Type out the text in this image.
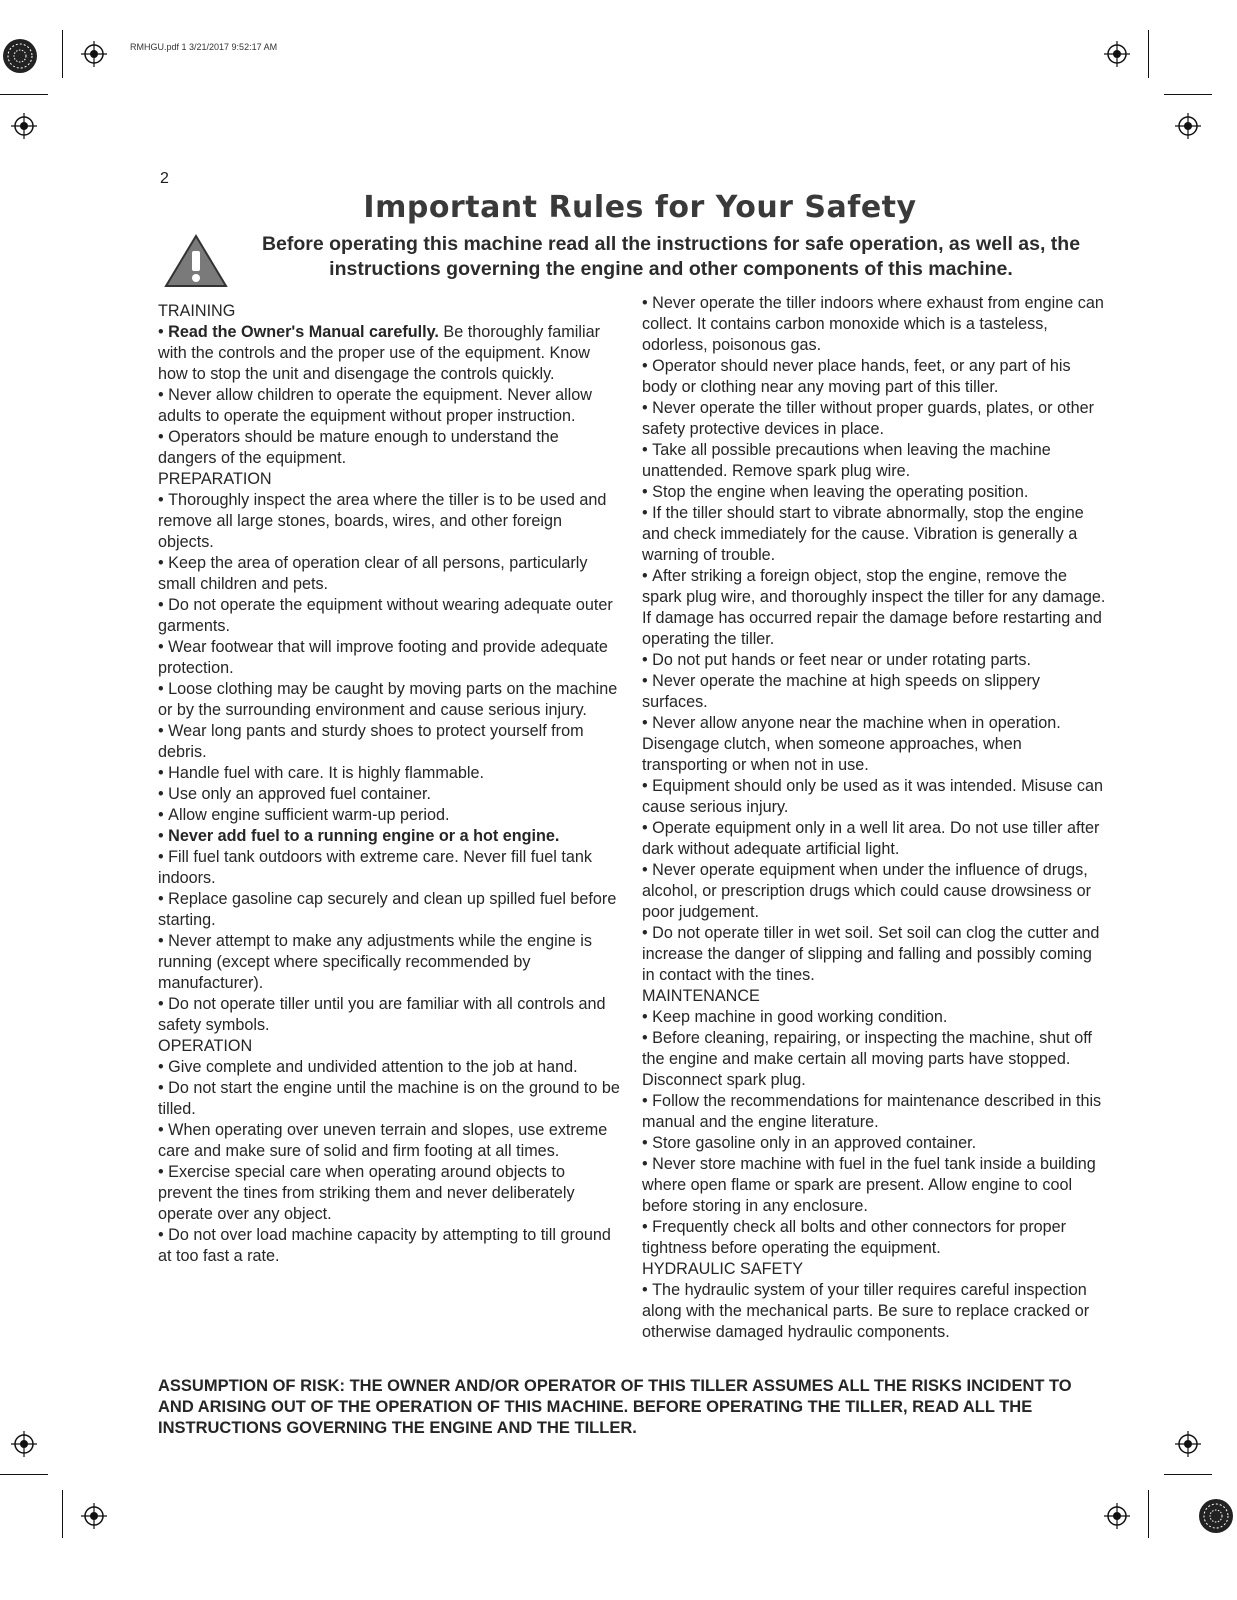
RMHGU.pdf 1 3/21/2017 9:52:17 AM
2
Important Rules for Your Safety
Before operating this machine read all the instructions for safe operation, as well as, the instructions governing the engine and other components of this machine.

TRAINING

• Read the Owner's Manual carefully. Be thoroughly familiar with the controls and the proper use of the equipment. Know how to stop the unit and disengage the controls quickly.

• Never allow children to operate the equipment. Never allow adults to operate the equipment without proper instruction.

• Operators should be mature enough to understand the dangers of the equipment.

PREPARATION

• Thoroughly inspect the area where the tiller is to be used and remove all large stones, boards, wires, and other foreign objects.

• Keep the area of operation clear of all persons, particularly small children and pets.

• Do not operate the equipment without wearing adequate outer garments.

• Wear footwear that will improve footing and provide adequate protection.

• Loose clothing may be caught by moving parts on the machine or by the surrounding environment and cause serious injury.

• Wear long pants and sturdy shoes to protect yourself from debris.

• Handle fuel with care. It is highly flammable.

• Use only an approved fuel container.

• Allow engine sufficient warm-up period.

• Never add fuel to a running engine or a hot engine.

• Fill fuel tank outdoors with extreme care. Never fill fuel tank indoors.

• Replace gasoline cap securely and clean up spilled fuel before starting.

• Never attempt to make any adjustments while the engine is running (except where specifically recommended by manufacturer).

• Do not operate tiller until you are familiar with all controls and safety symbols.

OPERATION

• Give complete and undivided attention to the job at hand.

• Do not start the engine until the machine is on the ground to be tilled.

• When operating over uneven terrain and slopes, use extreme care and make sure of solid and firm footing at all times.

• Exercise special care when operating around objects to prevent the tines from striking them and never deliberately operate over any object.

• Do not over load machine capacity by attempting to till ground at too fast a rate.

• Never operate the tiller indoors where exhaust from engine can collect. It contains carbon monoxide which is a tasteless, odorless, poisonous gas.

• Operator should never place hands, feet, or any part of his body or clothing near any moving part of this tiller.

• Never operate the tiller without proper guards, plates, or other safety protective devices in place.

• Take all possible precautions when leaving the machine unattended. Remove spark plug wire.

• Stop the engine when leaving the operating position.

• If the tiller should start to vibrate abnormally, stop the engine and check immediately for the cause. Vibration is generally a warning of trouble.

• After striking a foreign object, stop the engine, remove the spark plug wire, and thoroughly inspect the tiller for any damage. If damage has occurred repair the damage before restarting and operating the tiller.

• Do not put hands or feet near or under rotating parts.

• Never operate the machine at high speeds on slippery surfaces.

• Never allow anyone near the machine when in operation. Disengage clutch, when someone approaches, when transporting or when not in use.

• Equipment should only be used as it was intended. Misuse can cause serious injury.

• Operate equipment only in a well lit area. Do not use tiller after dark without adequate artificial light.

• Never operate equipment when under the influence of drugs, alcohol, or prescription drugs which could cause drowsiness or poor judgement.

• Do not operate tiller in wet soil. Set soil can clog the cutter and increase the danger of slipping and falling and possibly coming in contact with the tines.

MAINTENANCE

• Keep machine in good working condition.

• Before cleaning, repairing, or inspecting the machine, shut off the engine and make certain all moving parts have stopped. Disconnect spark plug.

• Follow the recommendations for maintenance described in this manual and the engine literature.

• Store gasoline only in an approved container.

• Never store machine with fuel in the fuel tank inside a building where open flame or spark are present. Allow engine to cool before storing in any enclosure.

• Frequently check all bolts and other connectors for proper tightness before operating the equipment.

HYDRAULIC SAFETY

• The hydraulic system of your tiller requires careful inspection along with the mechanical parts. Be sure to replace cracked or otherwise damaged hydraulic components.

ASSUMPTION OF RISK: THE OWNER AND/OR OPERATOR OF THIS TILLER ASSUMES ALL THE RISKS INCIDENT TO AND ARISING OUT OF THE OPERATION OF THIS MACHINE. BEFORE OPERATING THE TILLER, READ ALL THE INSTRUCTIONS GOVERNING THE ENGINE AND THE TILLER.
